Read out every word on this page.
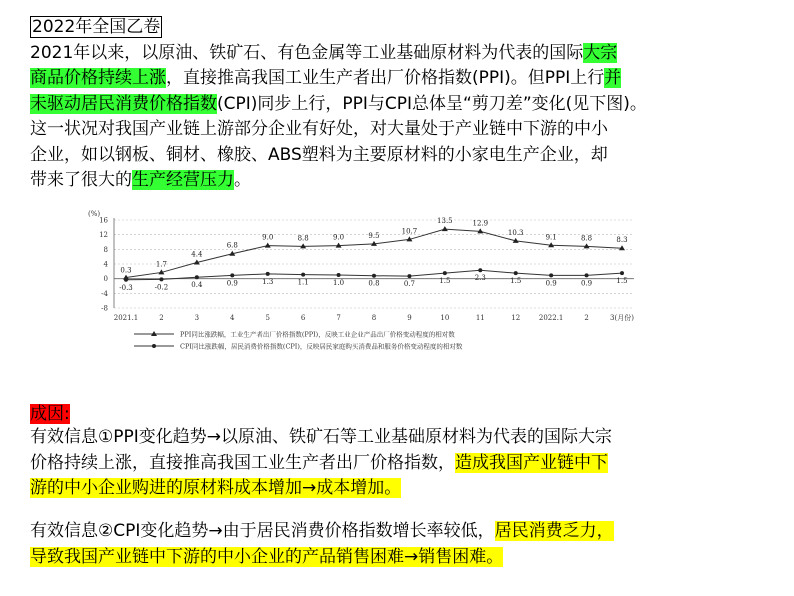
2022年全国乙卷
2021年以来，以原油、铁矿石、有色金属等工业基础原材料为代表的国际大宗
商品价格持续上涨，直接推高我国工业生产者出厂价格指数(PPI)。但PPI上行并
未驱动居民消费价格指数(CPI)同步上行，PPI与CPI总体呈“剪刀差”变化(见下图)。
这一状况对我国产业链上游部分企业有好处，对大量处于产业链中下游的中小
企业，如以钢板、铜材、橡胶、ABS塑料为主要原材料的小家电生产企业，却
带来了很大的生产经营压力。
(%)
16
12
8
4
0
-4
-8
2021.1	2	3	4	5	6	7	8	9	10	11	12	2022.1	2	3(月份)
0.3
1.7
4.4
6.8
9.0	8.8	9.0	9.5
10.7
13.5	12.9
10.3
9.1	8.8	8.3
-0.3	-0.2	0.4	0.9	1.3	1.1	1.0	0.8	0.7	1.5	2.3	1.5	0.9	0.9	1.5
PPI同比涨跌幅，工业生产者出厂价格指数(PPI)，反映工业企业产品出厂价格变动程度的相对数
CPI同比涨跌幅，居民消费价格指数(CPI)，反映居民家庭购买消费品和服务价格变动程度的相对数
成因:
有效信息①PPI变化趋势→以原油、铁矿石等工业基础原材料为代表的国际大宗
价格持续上涨，直接推高我国工业生产者出厂价格指数，造成我国产业链中下
游的中小企业购进的原材料成本增加→成本增加。
有效信息②CPI变化趋势→由于居民消费价格指数增长率较低，居民消费乏力，
导致我国产业链中下游的中小企业的产品销售困难→销售困难。
